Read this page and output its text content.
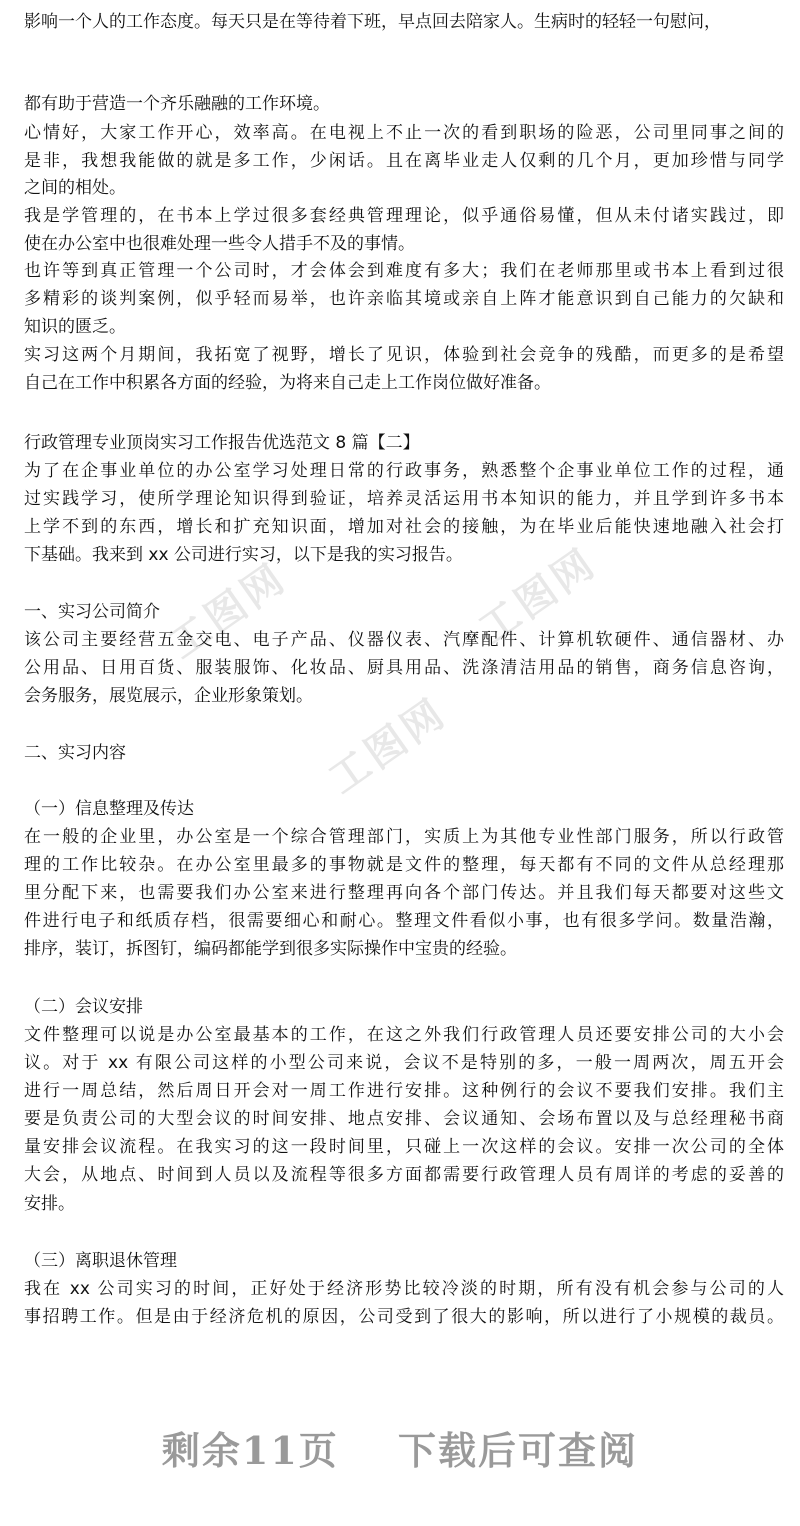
工图网	工图网
工图网
影响一个人的工作态度。每天只是在等待着下班，早点回去陪家人。生病时的轻轻一句慰问，
都有助于营造一个齐乐融融的工作环境。
心情好，大家工作开心，效率高。在电视上不止一次的看到职场的险恶，公司里同事之间的
是非，我想我能做的就是多工作，少闲话。且在离毕业走人仅剩的几个月，更加珍惜与同学
之间的相处。
我是学管理的，在书本上学过很多套经典管理理论，似乎通俗易懂，但从未付诸实践过，即
使在办公室中也很难处理一些令人措手不及的事情。
也许等到真正管理一个公司时，才会体会到难度有多大；我们在老师那里或书本上看到过很
多精彩的谈判案例，似乎轻而易举，也许亲临其境或亲自上阵才能意识到自己能力的欠缺和
知识的匮乏。
实习这两个月期间，我拓宽了视野，增长了见识，体验到社会竞争的残酷，而更多的是希望
自己在工作中积累各方面的经验，为将来自己走上工作岗位做好准备。
行政管理专业顶岗实习工作报告优选范文 8 篇【二】
为了在企事业单位的办公室学习处理日常的行政事务，熟悉整个企事业单位工作的过程，通
过实践学习，使所学理论知识得到验证，培养灵活运用书本知识的能力，并且学到许多书本
上学不到的东西，增长和扩充知识面，增加对社会的接触，为在毕业后能快速地融入社会打
下基础。我来到 xx 公司进行实习，以下是我的实习报告。
一、实习公司简介
该公司主要经营五金交电、电子产品、仪器仪表、汽摩配件、计算机软硬件、通信器材、办
公用品、日用百货、服装服饰、化妆品、厨具用品、洗涤清洁用品的销售，商务信息咨询，
会务服务，展览展示，企业形象策划。
二、实习内容
（一）信息整理及传达
在一般的企业里，办公室是一个综合管理部门，实质上为其他专业性部门服务，所以行政管
理的工作比较杂。在办公室里最多的事物就是文件的整理，每天都有不同的文件从总经理那
里分配下来，也需要我们办公室来进行整理再向各个部门传达。并且我们每天都要对这些文
件进行电子和纸质存档，很需要细心和耐心。整理文件看似小事，也有很多学问。数量浩瀚，
排序，装订，拆图钉，编码都能学到很多实际操作中宝贵的经验。
（二）会议安排
文件整理可以说是办公室最基本的工作，在这之外我们行政管理人员还要安排公司的大小会
议。对于 xx 有限公司这样的小型公司来说，会议不是特别的多，一般一周两次，周五开会
进行一周总结，然后周日开会对一周工作进行安排。这种例行的会议不要我们安排。我们主
要是负责公司的大型会议的时间安排、地点安排、会议通知、会场布置以及与总经理秘书商
量安排会议流程。在我实习的这一段时间里，只碰上一次这样的会议。安排一次公司的全体
大会，从地点、时间到人员以及流程等很多方面都需要行政管理人员有周详的考虑的妥善的
安排。
（三）离职退休管理
我在 xx 公司实习的时间，正好处于经济形势比较冷淡的时期，所有没有机会参与公司的人
事招聘工作。但是由于经济危机的原因，公司受到了很大的影响，所以进行了小规模的裁员。
剩余11页 下载后可查阅
